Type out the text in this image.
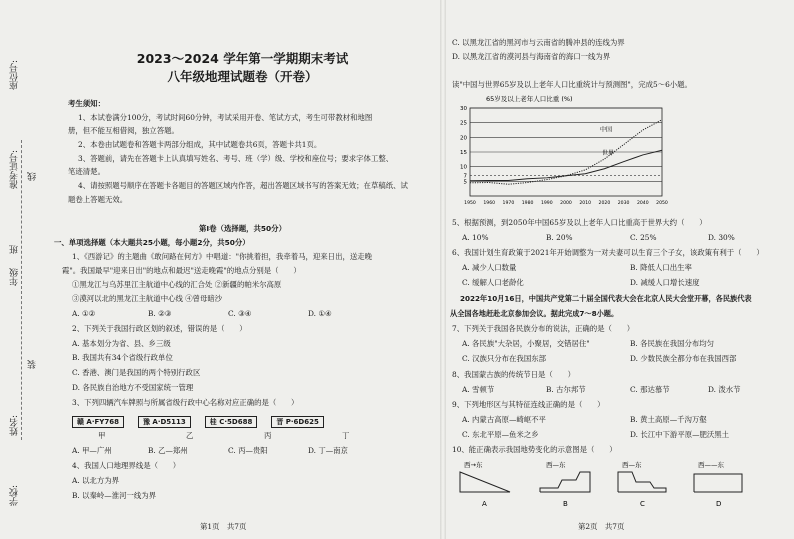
座位号:
准考证号: 线
年级
班
装
姓名:
学校:
2023～2024 学年第一学期期末考试
八年级地理试题卷（开卷）
考生须知：
1、本试卷满分100分，考试时间60分钟，考试采用开卷、笔试方式，考生可带教材和地图
册，但不能互相借阅，独立答题。
2、本卷由试题卷和答题卡两部分组成，其中试题卷共6页，答题卡共1页。
3、答题前，请先在答题卡上认真填写姓名、考号、班（学）级、学校和座位号；要求字体工整、
笔迹清楚。
4、请按照题号顺序在答题卡各题目的答题区域内作答，超出答题区域书写的答案无效；在草稿纸、试
题卷上答题无效。
第Ⅰ卷（选择题，共50分）
一、单项选择题（本大题共25小题，每小题2分，共50分）
1、《西游记》的主题曲《敢问路在何方》中唱道："你挑着担，我牵着马，迎来日出，送走晚
霞"。我国最早"迎来日出"的地点和最迟"送走晚霞"的地点分别是（　　）
①黑龙江与乌苏里江主航道中心线的汇合处 ②新疆的帕米尔高原
③漠河以北的黑龙江主航道中心线 ④曾母暗沙
A. ①②	B. ②③	C. ③④	D. ①④
2、下列关于我国行政区划的叙述，错误的是（　　）
A. 基本划分为省、县、乡三级
B. 我国共有34个省级行政单位
C. 香港、澳门是我国的两个特别行政区
D. 各民族自治地方不受国家统一管理
3、下列四辆汽车牌照与所属省级行政中心名称对应正确的是（　　）
赣 A·FY768	豫 A·D5113	桂 C·5D688	晋 P·6D625
甲	乙	丙	丁
A. 甲—广州	B. 乙—郑州	C. 丙—贵阳	D. 丁—南京
4、我国人口地理界线是（　　）
A. 以北方为界
B. 以秦岭—淮河一线为界
第1页　共7页
C. 以黑龙江省的黑河市与云南省的腾冲县的连线为界
D. 以黑龙江省的漠河县与海南省的海口一线为界
读"中国与世界65岁及以上老年人口比重统计与预测图"，完成5～6小题。
65岁及以上老年人口比重 (%)
5
7
10
15
20
25
30
1950 1960 1970 1980 1990 2000 2010 2020 2030 2040 2050
中国
世界
5、根据预测，到2050年中国65岁及以上老年人口比重高于世界大约（　　）
A. 10%	B. 20%	C. 25%	D. 30%
6、我国计划生育政策于2021年开始调整为一对夫妻可以生育三个子女，该政策有利于（　　）
A. 减少人口数量	B. 降低人口出生率
C. 缓解人口老龄化	D. 减缓人口增长速度
2022年10月16日，中国共产党第二十届全国代表大会在北京人民大会堂开幕，各民族代表
从全国各地赶赴北京参加会议。据此完成7～8小题。
7、下列关于我国各民族分布的说法，正确的是（　　）
A. 各民族"大杂居，小聚居，交错居住"	B. 各民族在我国分布均匀
C. 汉族只分布在我国东部	D. 少数民族全都分布在我国西部
8、我国蒙古族的传统节日是（　　）
A. 雪顿节	B. 古尔邦节	C. 那达慕节	D. 泼水节
9、下列地形区与其特征连线正确的是（　　）
A. 内蒙古高原—崎岖不平	B. 黄土高原—千沟万壑
C. 东北平原—鱼米之乡	D. 长江中下游平原—肥沃黑土
10、能正确表示我国地势变化的示意图是（　　）
西→东
A
西—东
B
西—东
C
西——东
D
第2页　共7页
